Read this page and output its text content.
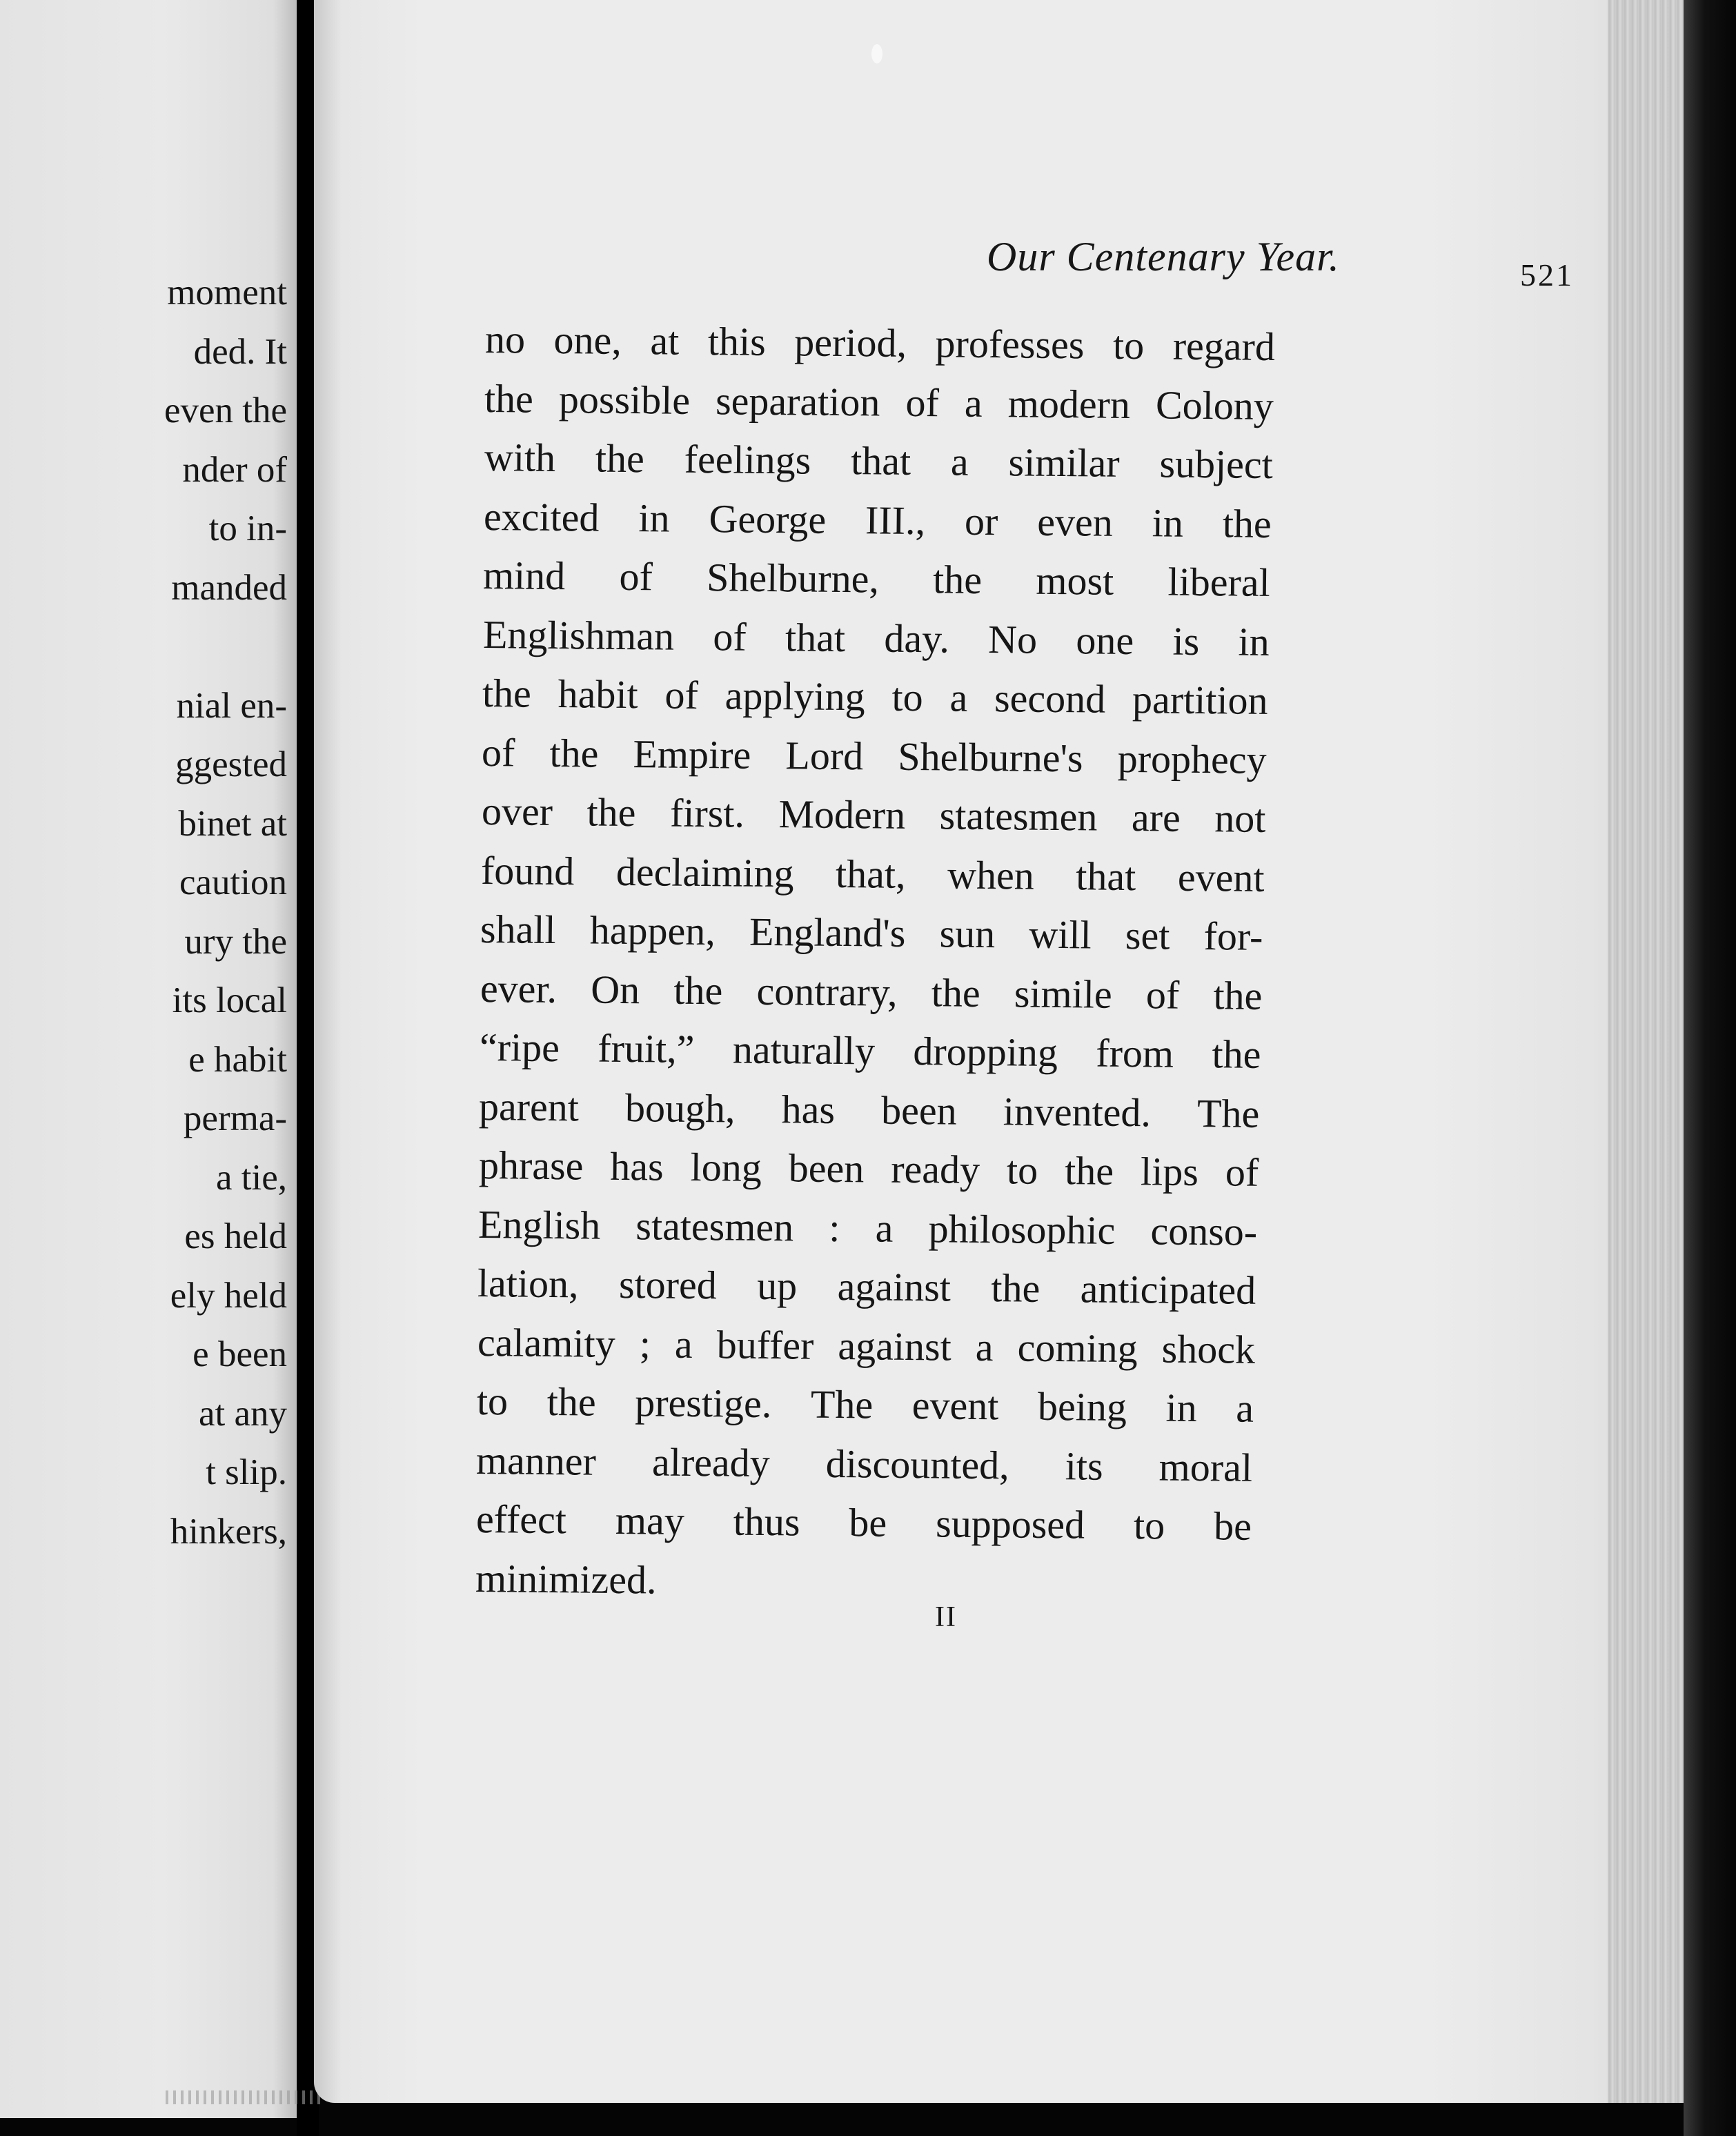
moment
ded. It
even the
nder of
to in-
manded
nial en-
ggested
binet at
caution
ury the
its local
e habit
perma-
a tie,
es held
ely held
e been
at any
t slip.
hinkers,
Our Centenary Year.	521
no one, at this period, professes to regard
the possible separation of a modern Colony
with the feelings that a similar subject
excited in George III., or even in the
mind of Shelburne, the most liberal
Englishman of that day. No one is in
the habit of applying to a second partition
of the Empire Lord Shelburne's prophecy
over the first. Modern statesmen are not
found declaiming that, when that event
shall happen, England's sun will set for-
ever. On the contrary, the simile of the
“ripe fruit,” naturally dropping from the
parent bough, has been invented. The
phrase has long been ready to the lips of
English statesmen : a philosophic conso-
lation, stored up against the anticipated
calamity ; a buffer against a coming shock
to the prestige. The event being in a
manner already discounted, its moral
effect may thus be supposed to be
minimized.
II
